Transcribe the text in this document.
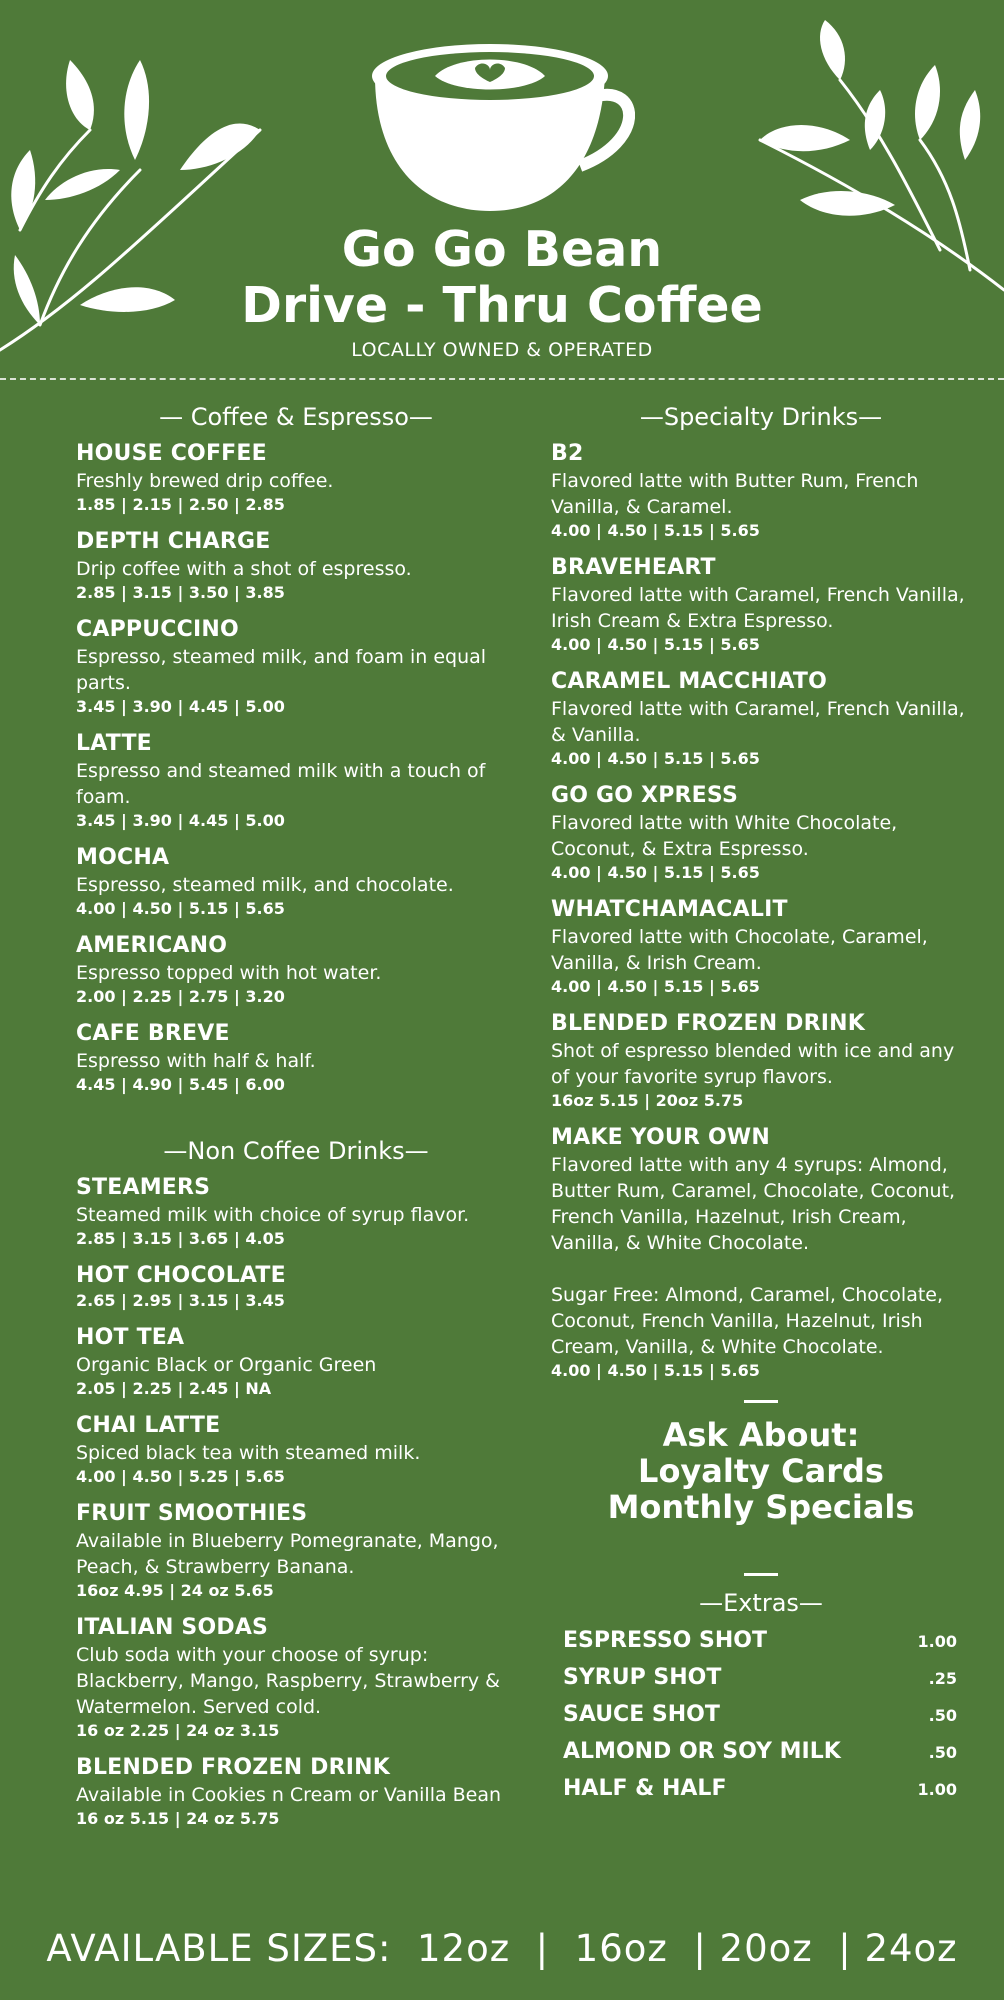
Go Go Bean
Drive - Thru Coffee
LOCALLY OWNED & OPERATED
— Coffee & Espresso—
HOUSE COFFEE
Freshly brewed drip coffee.
1.85 | 2.15 | 2.50 | 2.85
DEPTH CHARGE
Drip coffee with a shot of espresso.
2.85 | 3.15 | 3.50 | 3.85
CAPPUCCINO
Espresso, steamed milk, and foam in equal parts.
3.45 | 3.90 | 4.45 | 5.00
LATTE
Espresso and steamed milk with a touch of foam.
3.45 | 3.90 | 4.45 | 5.00
MOCHA
Espresso, steamed milk, and chocolate.
4.00 | 4.50 | 5.15 | 5.65
AMERICANO
Espresso topped with hot water.
2.00 | 2.25 | 2.75 | 3.20
CAFE BREVE
Espresso with half & half.
4.45 | 4.90 | 5.45 | 6.00
—Non Coffee Drinks—
STEAMERS
Steamed milk with choice of syrup flavor.
2.85 | 3.15 | 3.65 | 4.05
HOT CHOCOLATE
2.65 | 2.95 | 3.15 | 3.45
HOT TEA
Organic Black or Organic Green
2.05 | 2.25 | 2.45 | NA
CHAI LATTE
Spiced black tea with steamed milk.
4.00 | 4.50 | 5.25 | 5.65
FRUIT SMOOTHIES
Available in Blueberry Pomegranate, Mango, Peach, & Strawberry Banana.
16oz 4.95 | 24 oz 5.65
ITALIAN SODAS
Club soda with your choose of syrup: Blackberry, Mango, Raspberry, Strawberry & Watermelon. Served cold.
16 oz 2.25 | 24 oz 3.15
BLENDED FROZEN DRINK
Available in Cookies n Cream or Vanilla Bean
16 oz 5.15 | 24 oz 5.75
—Specialty Drinks—
B2
Flavored latte with Butter Rum, French Vanilla, & Caramel.
4.00 | 4.50 | 5.15 | 5.65
BRAVEHEART
Flavored latte with Caramel, French Vanilla, Irish Cream & Extra Espresso.
4.00 | 4.50 | 5.15 | 5.65
CARAMEL MACCHIATO
Flavored latte with Caramel, French Vanilla, & Vanilla.
4.00 | 4.50 | 5.15 | 5.65
GO GO XPRESS
Flavored latte with White Chocolate, Coconut, & Extra Espresso.
4.00 | 4.50 | 5.15 | 5.65
WHATCHAMACALIT
Flavored latte with Chocolate, Caramel, Vanilla, & Irish Cream.
4.00 | 4.50 | 5.15 | 5.65
BLENDED FROZEN DRINK
Shot of espresso blended with ice and any of your favorite syrup flavors.
16oz 5.15 | 20oz 5.75
MAKE YOUR OWN
Flavored latte with any 4 syrups: Almond, Butter Rum, Caramel, Chocolate, Coconut, French Vanilla, Hazelnut, Irish Cream, Vanilla, & White Chocolate.
Sugar Free: Almond, Caramel, Chocolate, Coconut, French Vanilla, Hazelnut, Irish Cream, Vanilla, & White Chocolate.
4.00 | 4.50 | 5.15 | 5.65
Ask About:
Loyalty Cards
Monthly Specials
—Extras—
ESPRESSO SHOT	1.00
SYRUP SHOT	.25
SAUCE SHOT	.50
ALMOND OR SOY MILK	.50
HALF & HALF	1.00
AVAILABLE SIZES:  12oz  |  16oz  | 20oz  | 24oz
